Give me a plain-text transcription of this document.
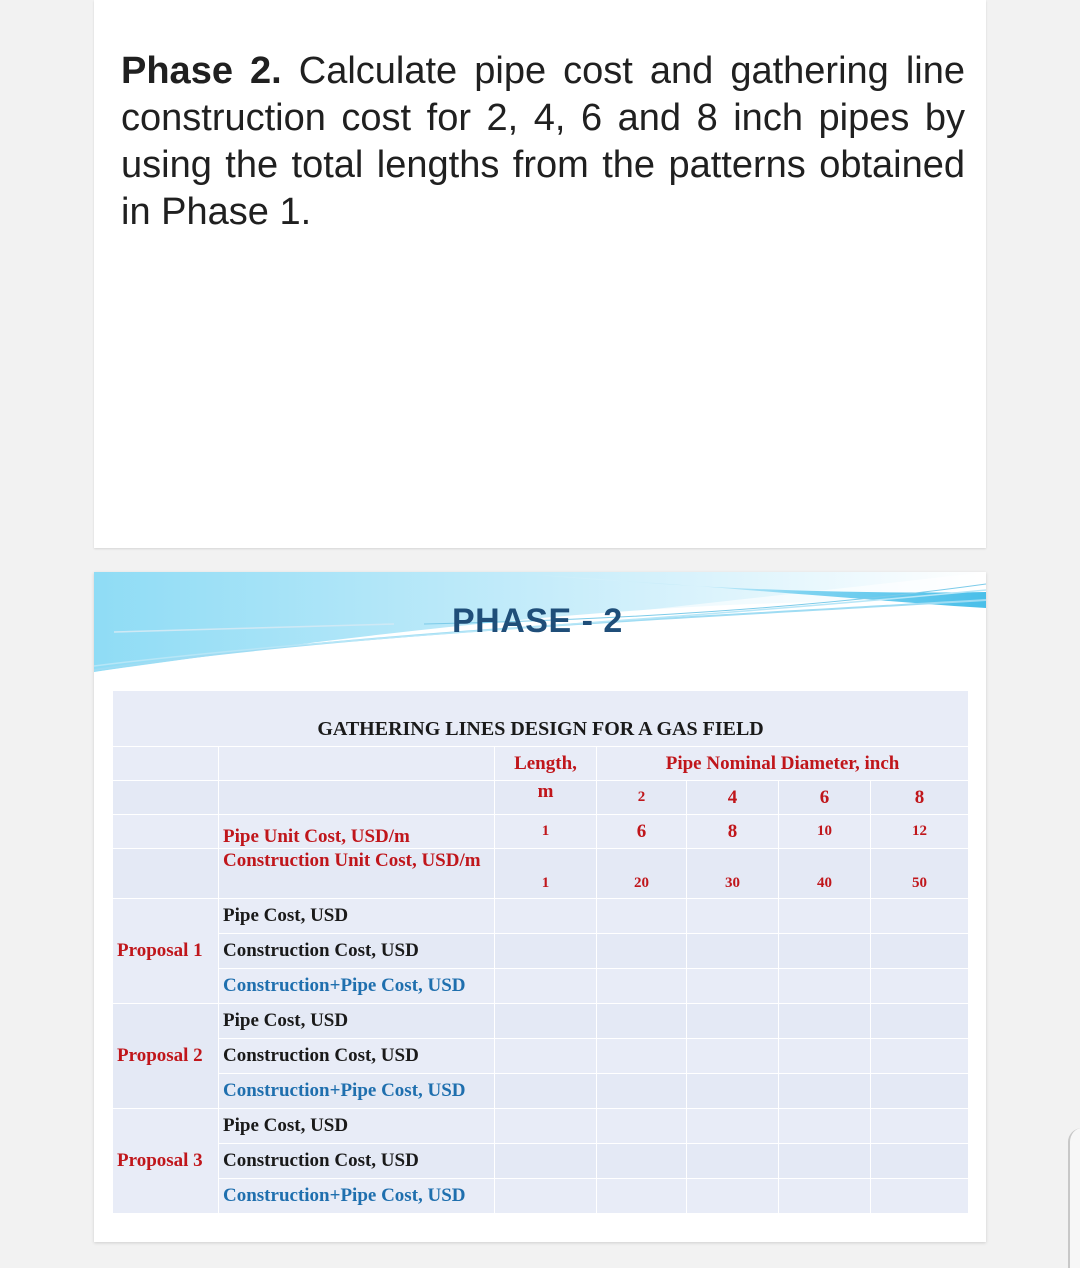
Phase 2. Calculate pipe cost and gathering line construction cost for 2, 4, 6 and 8 inch pipes by using the total lengths from the patterns obtained in Phase 1.
PHASE - 2
GATHERING LINES DESIGN FOR A GAS FIELD						
		Length,	Pipe Nominal Diameter, inch			
		m	2	4	6	8
	Pipe Unit Cost, USD/m	1	6	8	10	12
	Construction Unit Cost, USD/m	1	20	30	40	50
Proposal 1	Pipe Cost, USD					
	Construction Cost, USD					
	Construction+Pipe Cost, USD					
Proposal 2	Pipe Cost, USD					
	Construction Cost, USD					
	Construction+Pipe Cost, USD					
Proposal 3	Pipe Cost, USD					
	Construction Cost, USD					
	Construction+Pipe Cost, USD					
